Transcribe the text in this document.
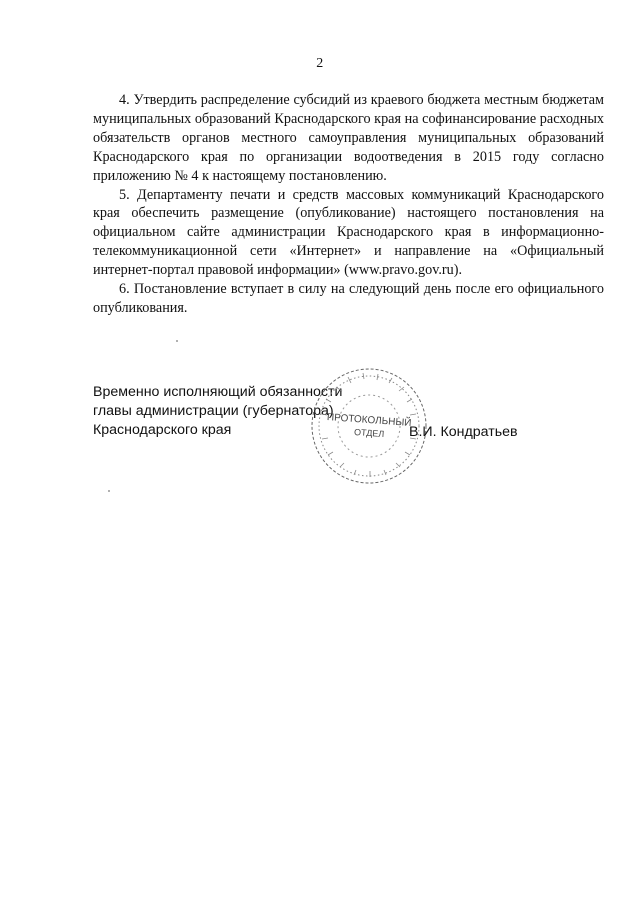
2

4. Утвердить распределение субсидий из краевого бюджета местным бюджетам муниципальных образований Краснодарского края на софинансирование расходных обязательств органов местного самоуправления муниципальных образований Краснодарского края по организации водоотведения в 2015 году согласно приложению № 4 к настоящему постановлению.

5. Департаменту печати и средств массовых коммуникаций Краснодарского края обеспечить размещение (опубликование) настоящего постановления на официальном сайте администрации Краснодарского края в информационно-телекоммуникационной сети «Интернет» и направление на «Официальный интернет-портал правовой информации» (www.pravo.gov.ru).

6. Постановление вступает в силу на следующий день после его официального опубликования.

Временно исполняющий обязанности
главы администрации (губернатора)
Краснодарского края
ПРОТОКОЛЬНЫЙ
ОТДЕЛ В.И. Кондратьев
